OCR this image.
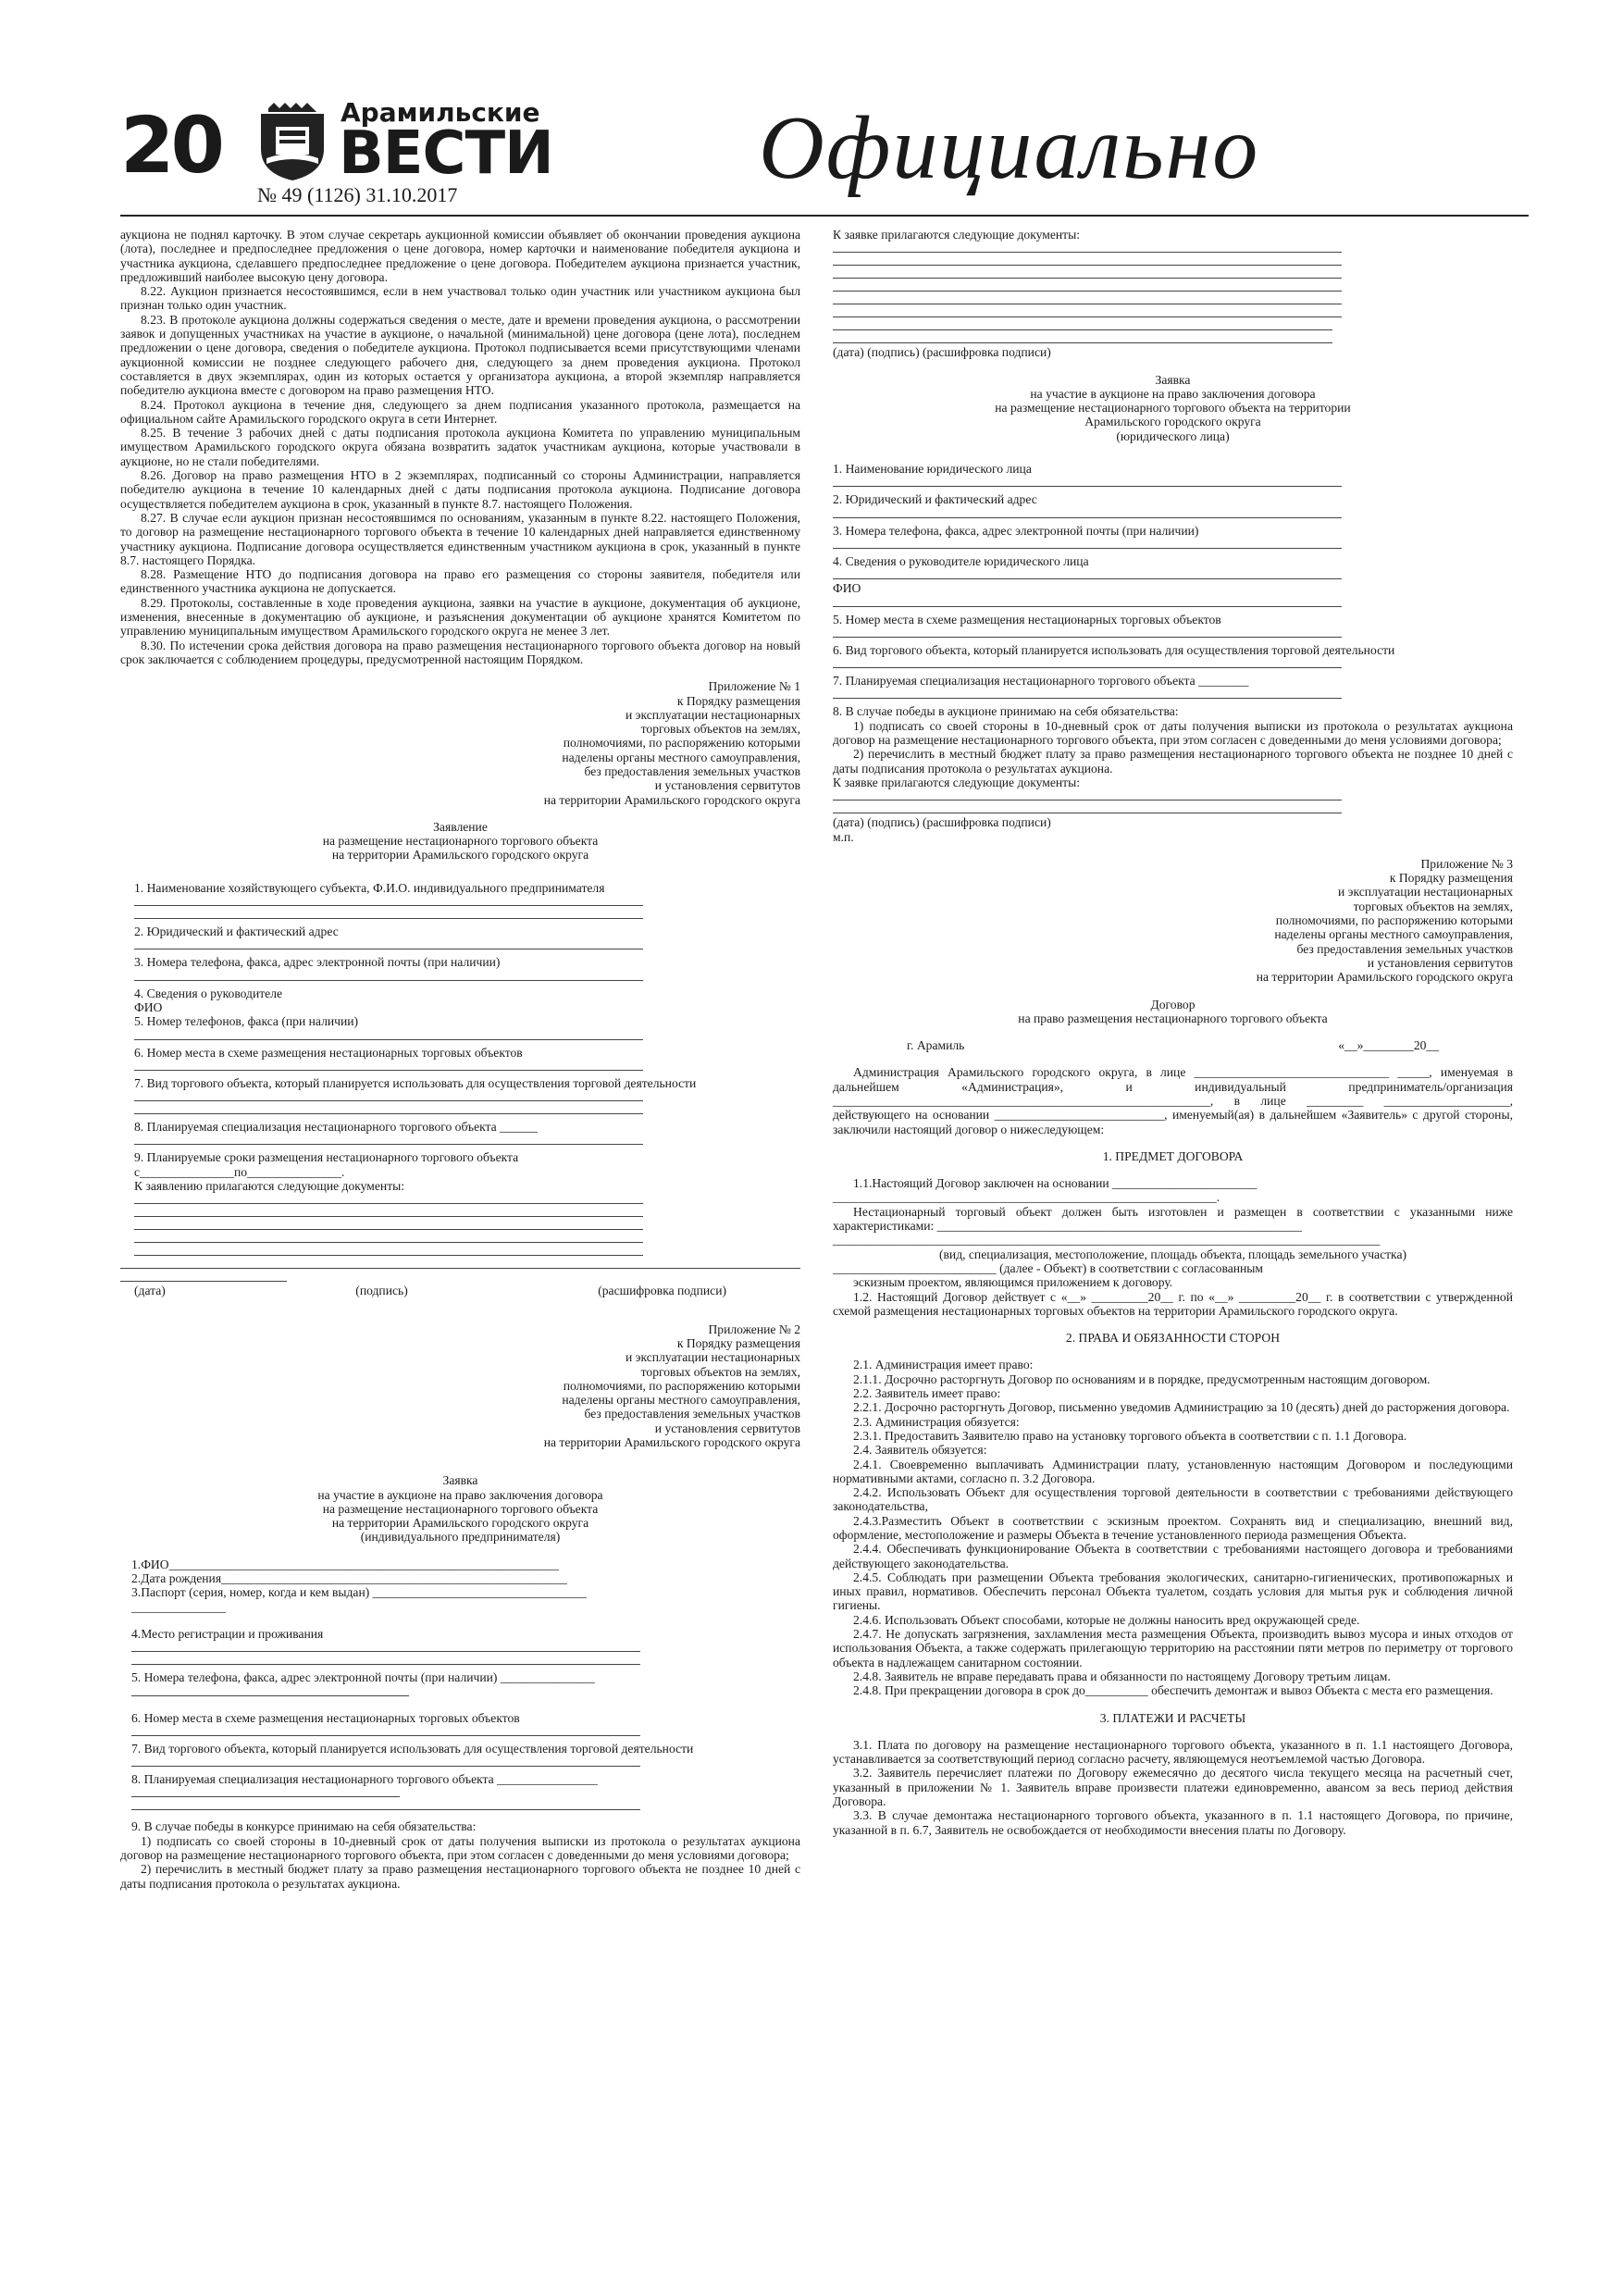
20	Арамильские
ВЕСТИ
№ 49 (1126) 31.10.2017	Официально

аукциона не поднял карточку. В этом случае секретарь аукционной комиссии объявляет об окончании проведения аукциона (лота), последнее и предпоследнее предложения о цене договора, номер карточки и наименование победителя аукциона и участника аукциона, сделавшего предпоследнее предложение о цене договора. Победителем аукциона признается участник, предложивший наиболее высокую цену договора.

8.22. Аукцион признается несостоявшимся, если в нем участвовал только один участник или участником аукциона был признан только один участник.

8.23. В протоколе аукциона должны содержаться сведения о месте, дате и времени проведения аукциона, о рассмотрении заявок и допущенных участниках на участие в аукционе, о начальной (минимальной) цене договора (цене лота), последнем предложении о цене договора, сведения о победителе аукциона. Протокол подписывается всеми присутствующими членами аукционной комиссии не позднее следующего рабочего дня, следующего за днем проведения аукциона. Протокол составляется в двух экземплярах, один из которых остается у организатора аукциона, а второй экземпляр направляется победителю аукциона вместе с договором на право размещения НТО.

8.24. Протокол аукциона в течение дня, следующего за днем подписания указанного протокола, размещается на официальном сайте Арамильского городского округа в сети Интернет.

8.25. В течение 3 рабочих дней с даты подписания протокола аукциона Комитета по управлению муниципальным имуществом Арамильского городского округа обязана возвратить задаток участникам аукциона, которые участвовали в аукционе, но не стали победителями.

8.26. Договор на право размещения НТО в 2 экземплярах, подписанный со стороны Администрации, направляется победителю аукциона в течение 10 календарных дней с даты подписания протокола аукциона. Подписание договора осуществляется победителем аукциона в срок, указанный в пункте 8.7. настоящего Положения.

8.27. В случае если аукцион признан несостоявшимся по основаниям, указанным в пункте 8.22. настоящего Положения, то договор на размещение нестационарного торгового объекта в течение 10 календарных дней направляется единственному участнику аукциона. Подписание договора осуществляется единственным участником аукциона в срок, указанный в пункте 8.7. настоящего Порядка.

8.28. Размещение НТО до подписания договора на право его размещения со стороны заявителя, победителя или единственного участника аукциона не допускается.

8.29. Протоколы, составленные в ходе проведения аукциона, заявки на участие в аукционе, документация об аукционе, изменения, внесенные в документацию об аукционе, и разъяснения документации об аукционе хранятся Комитетом по управлению муниципальным имуществом Арамильского городского округа не менее 3 лет.

8.30. По истечении срока действия договора на право размещения нестационарного торгового объекта договор на новый срок заключается с соблюдением процедуры, предусмотренной настоящим Порядком.

Приложение № 1
к Порядку размещения
и эксплуатации нестационарных
торговых объектов на землях,
полномочиями, по распоряжению которыми
наделены органы местного самоуправления,
без предоставления земельных участков
и установления сервитутов
на территории Арамильского городского округа
Заявление
на размещение нестационарного торгового объекта
на территории Арамильского городского округа
1. Наименование хозяйствующего субъекта, Ф.И.О. индивидуального предпринимателя
2. Юридический и фактический адрес
3. Номера телефона, факса, адрес электронной почты (при наличии)
4. Сведения о руководителе
ФИО
5. Номер телефонов, факса (при наличии)
6. Номер места в схеме размещения нестационарных торговых объектов
7. Вид торгового объекта, который планируется использовать для осуществления торговой деятельности
8. Планируемая специализация нестационарного торгового объекта ______
9. Планируемые сроки размещения нестационарного торгового объекта
с_______________по_______________.
К заявлению прилагаются следующие документы:
(дата)	(подпись)	(расшифровка подписи)
Приложение № 2
к Порядку размещения
и эксплуатации нестационарных
торговых объектов на землях,
полномочиями, по распоряжению которыми
наделены органы местного самоуправления,
без предоставления земельных участков
и установления сервитутов
на территории Арамильского городского округа
Заявка
на участие в аукционе на право заключения договора
на размещение нестационарного торгового объекта
на территории Арамильского городского округа
(индивидуального предпринимателя)
1.ФИО______________________________________________________________
2.Дата рождения_______________________________________________________
3.Паспорт (серия, номер, когда и кем выдан) __________________________________
_______________
4.Место регистрации и проживания
5. Номера телефона, факса, адрес электронной почты (при наличии) _______________
6. Номер места в схеме размещения нестационарных торговых объектов
7. Вид торгового объекта, который планируется использовать для осуществления торговой деятельности
8. Планируемая специализация нестационарного торгового объекта ________________
9. В случае победы в конкурсе принимаю на себя обязательства:

1) подписать со своей стороны в 10-дневный срок от даты получения выписки из протокола о результатах аукциона договор на размещение нестационарного торгового объекта, при этом согласен с доведенными до меня условиями договора;

2) перечислить в местный бюджет плату за право размещения нестационарного торгового объекта не позднее 10 дней с даты подписания протокола о результатах аукциона.

К заявке прилагаются следующие документы:
(дата) (подпись) (расшифровка подписи)
Заявка
на участие в аукционе на право заключения договора
на размещение нестационарного торгового объекта на территории
Арамильского городского округа
(юридического лица)
1. Наименование юридического лица
2. Юридический и фактический адрес
3. Номера телефона, факса, адрес электронной почты (при наличии)
4. Сведения о руководителе юридического лица
ФИО
5. Номер места в схеме размещения нестационарных торговых объектов
6. Вид торгового объекта, который планируется использовать для осуществления торговой деятельности
7. Планируемая специализация нестационарного торгового объекта ________
8. В случае победы в аукционе принимаю на себя обязательства:

1) подписать со своей стороны в 10-дневный срок от даты получения выписки из протокола о результатах аукциона договор на размещение нестационарного торгового объекта, при этом согласен с доведенными до меня условиями договора;

2) перечислить в местный бюджет плату за право размещения нестационарного торгового объекта не позднее 10 дней с даты подписания протокола о результатах аукциона.

К заявке прилагаются следующие документы:
(дата) (подпись) (расшифровка подписи)
м.п.
Приложение № 3
к Порядку размещения
и эксплуатации нестационарных
торговых объектов на землях,
полномочиями, по распоряжению которыми
наделены органы местного самоуправления,
без предоставления земельных участков
и установления сервитутов
на территории Арамильского городского округа
Договор
на право размещения нестационарного торгового объекта
г. Арамиль	«__»________20__

Администрация Арамильского городского округа, в лице _______________________________ _____, именуемая в дальнейшем «Администрация», и индивидуальный предприниматель/организация ____________________________________________________________, в лице _________ ____________________, действующего на основании ___________________________, именуемый(ая) в дальнейшем «Заявитель» с другой стороны, заключили настоящий договор о нижеследующем:

1. ПРЕДМЕТ ДОГОВОРА

1.1.Настоящий Договор заключен на основании _______________________

_____________________________________________________________.

Нестационарный торговый объект должен быть изготовлен и размещен в соответствии с указанными ниже характеристиками: __________________________________________________________

_______________________________________________________________________________________

(вид, специализация, местоположение, площадь объекта, площадь земельного участка)

__________________________ (далее - Объект) в соответствии с согласованным

эскизным проектом, являющимся приложением к договору.

1.2. Настоящий Договор действует с «__» _________20__ г. по «__» _________20__ г. в соответствии с утвержденной схемой размещения нестационарных торговых объектов на территории Арамильского городского округа.

2. ПРАВА И ОБЯЗАННОСТИ СТОРОН

2.1. Администрация имеет право:

2.1.1. Досрочно расторгнуть Договор по основаниям и в порядке, предусмотренным настоящим договором.

2.2. Заявитель имеет право:

2.2.1. Досрочно расторгнуть Договор, письменно уведомив Администрацию за 10 (десять) дней до расторжения договора.

2.3. Администрация обязуется:

2.3.1. Предоставить Заявителю право на установку торгового объекта в соответствии с п. 1.1 Договора.

2.4. Заявитель обязуется:

2.4.1. Своевременно выплачивать Администрации плату, установленную настоящим Договором и последующими нормативными актами, согласно п. 3.2 Договора.

2.4.2. Использовать Объект для осуществления торговой деятельности в соответствии с требованиями действующего законодательства,

2.4.3.Разместить Объект в соответствии с эскизным проектом. Сохранять вид и специализацию, внешний вид, оформление, местоположение и размеры Объекта в течение установленного периода размещения Объекта.

2.4.4. Обеспечивать функционирование Объекта в соответствии с требованиями настоящего договора и требованиями действующего законодательства.

2.4.5. Соблюдать при размещении Объекта требования экологических, санитарно-гигиенических, противопожарных и иных правил, нормативов. Обеспечить персонал Объекта туалетом, создать условия для мытья рук и соблюдения личной гигиены.

2.4.6. Использовать Объект способами, которые не должны наносить вред окружающей среде.

2.4.7. Не допускать загрязнения, захламления места размещения Объекта, производить вывоз мусора и иных отходов от использования Объекта, а также содержать прилегающую территорию на расстоянии пяти метров по периметру от торгового объекта в надлежащем санитарном состоянии.

2.4.8. Заявитель не вправе передавать права и обязанности по настоящему Договору третьим лицам.

2.4.8. При прекращении договора в срок до__________ обеспечить демонтаж и вывоз Объекта с места его размещения.

3. ПЛАТЕЖИ И РАСЧЕТЫ

3.1. Плата по договору на размещение нестационарного торгового объекта, указанного в п. 1.1 настоящего Договора, устанавливается за соответствующий период согласно расчету, являющемуся неотъемлемой частью Договора.

3.2. Заявитель перечисляет платежи по Договору ежемесячно до десятого числа текущего месяца на расчетный счет, указанный в приложении № 1. Заявитель вправе произвести платежи единовременно, авансом за весь период действия Договора.

3.3. В случае демонтажа нестационарного торгового объекта, указанного в п. 1.1 настоящего Договора, по причине, указанной в п. 6.7, Заявитель не освобождается от необходимости внесения платы по Договору.
